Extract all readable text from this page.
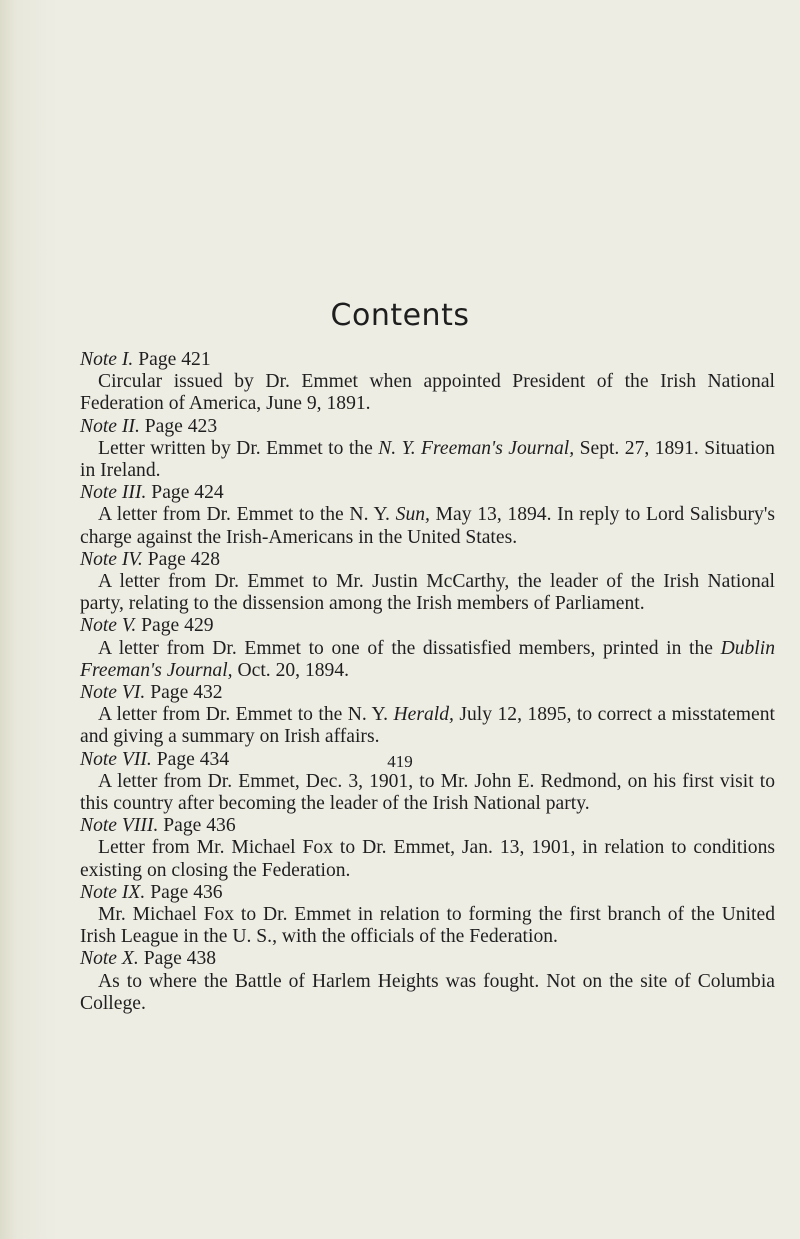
Contents

Note I. Page 421

Circular issued by Dr. Emmet when appointed President of the Irish National Federation of America, June 9, 1891.

Note II. Page 423

Letter written by Dr. Emmet to the N. Y. Freeman's Journal, Sept. 27, 1891. Situation in Ireland.

Note III. Page 424

A letter from Dr. Emmet to the N. Y. Sun, May 13, 1894. In reply to Lord Salisbury's charge against the Irish-Americans in the United States.

Note IV. Page 428

A letter from Dr. Emmet to Mr. Justin McCarthy, the leader of the Irish National party, relating to the dissension among the Irish members of Parliament.

Note V. Page 429

A letter from Dr. Emmet to one of the dissatisfied members, printed in the Dublin Freeman's Journal, Oct. 20, 1894.

Note VI. Page 432

A letter from Dr. Emmet to the N. Y. Herald, July 12, 1895, to correct a misstatement and giving a summary on Irish affairs.

Note VII. Page 434

A letter from Dr. Emmet, Dec. 3, 1901, to Mr. John E. Redmond, on his first visit to this country after becoming the leader of the Irish National party.

Note VIII. Page 436

Letter from Mr. Michael Fox to Dr. Emmet, Jan. 13, 1901, in relation to conditions existing on closing the Federation.

Note IX. Page 436

Mr. Michael Fox to Dr. Emmet in relation to forming the first branch of the United Irish League in the U. S., with the officials of the Federation.

Note X. Page 438

As to where the Battle of Harlem Heights was fought. Not on the site of Columbia College.

419
